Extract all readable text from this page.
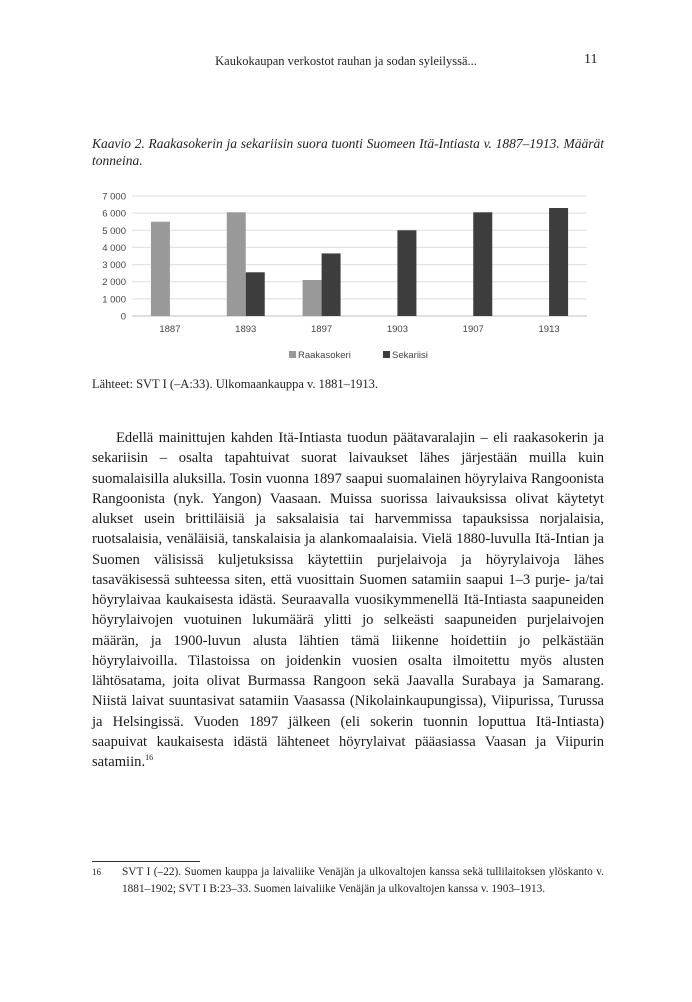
Kaukokaupan verkostot rauhan ja sodan syleilyssä...	11
Kaavio 2. Raakasokerin ja sekariisin suora tuonti Suomeen Itä-Intiasta v. 1887–1913. Määrät tonneina.
0
1 000
2 000
3 000
4 000
5 000
6 000
7 000
1887	1893	1897	1903	1907	1913
Raakasokeri	Sekariisi
Lähteet: SVT I (–A:33). Ulkomaankauppa v. 1881–1913.

Edellä mainittujen kahden Itä-Intiasta tuodun päätavaralajin – eli raakasokerin ja sekariisin – osalta tapahtuivat suorat laivaukset lähes järjestään muilla kuin suomalaisilla aluksilla. Tosin vuonna 1897 saapui suomalainen höyrylaiva Rangoonista Rangoonista (nyk. Yangon) Vaasaan. Muissa suorissa laivauksissa olivat käytetyt alukset usein brittiläisiä ja saksalaisia tai harvemmissa tapauksissa norjalaisia, ruotsalaisia, venäläisiä, tanskalaisia ja alankomaalaisia. Vielä 1880-luvulla Itä-Intian ja Suomen välisissä kuljetuksissa käytettiin purjelaivoja ja höyrylaivoja lähes tasaväkisessä suhteessa siten, että vuosittain Suomen satamiin saapui 1–3 purje- ja/tai höyrylaivaa kaukaisesta idästä. Seuraavalla vuosikymmenellä Itä-Intiasta saapuneiden höyrylaivojen vuotuinen lukumäärä ylitti jo selkeästi saapuneiden purjelaivojen määrän, ja 1900-luvun alusta lähtien tämä liikenne hoidettiin jo pelkästään höyrylaivoilla. Tilastoissa on joidenkin vuosien osalta ilmoitettu myös alusten lähtösatama, joita olivat Burmassa Rangoon sekä Jaavalla Surabaya ja Samarang. Niistä laivat suuntasivat satamiin Vaasassa (Nikolainkaupungissa), Viipurissa, Turussa ja Helsingissä. Vuoden 1897 jälkeen (eli sokerin tuonnin loputtua Itä-Intiasta) saapuivat kaukaisesta idästä lähteneet höyrylaivat pääasiassa Vaasan ja Viipurin satamiin.$^{16}$

16 SVT I (–22). Suomen kauppa ja laivaliike Venäjän ja ulkovaltojen kanssa sekä tullilaitoksen ylöskanto v. 1881–1902; SVT I B:23–33. Suomen laivaliike Venäjän ja ulkovaltojen kanssa v. 1903–1913.
